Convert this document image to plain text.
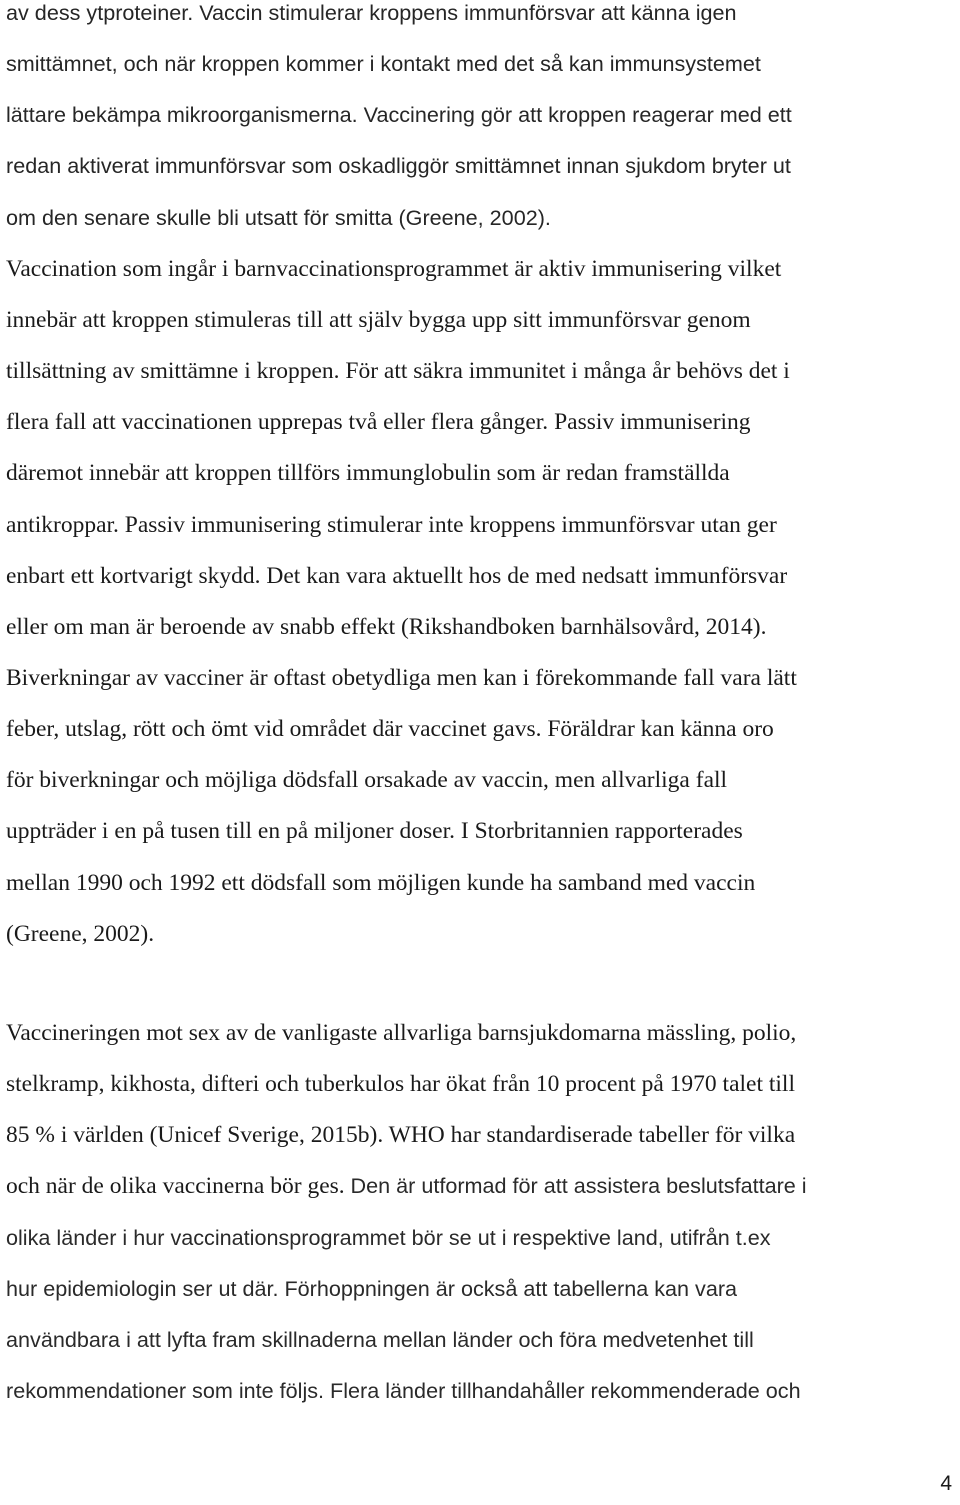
av dess ytproteiner. Vaccin stimulerar kroppens immunförsvar att känna igen
smittämnet, och när kroppen kommer i kontakt med det så kan immunsystemet
lättare bekämpa mikroorganismerna. Vaccinering gör att kroppen reagerar med ett
redan aktiverat immunförsvar som oskadliggör smittämnet innan sjukdom bryter ut
om den senare skulle bli utsatt för smitta (Greene, 2002).
Vaccination som ingår i barnvaccinationsprogrammet är aktiv immunisering vilket
innebär att kroppen stimuleras till att själv bygga upp sitt immunförsvar genom
tillsättning av smittämne i kroppen. För att säkra immunitet i många år behövs det i
flera fall att vaccinationen upprepas två eller flera gånger. Passiv immunisering
däremot innebär att kroppen tillförs immunglobulin som är redan framställda
antikroppar. Passiv immunisering stimulerar inte kroppens immunförsvar utan ger
enbart ett kortvarigt skydd. Det kan vara aktuellt hos de med nedsatt immunförsvar
eller om man är beroende av snabb effekt (Rikshandboken barnhälsovård, 2014).
Biverkningar av vacciner är oftast obetydliga men kan i förekommande fall vara lätt
feber, utslag, rött och ömt vid området där vaccinet gavs. Föräldrar kan känna oro
för biverkningar och möjliga dödsfall orsakade av vaccin, men allvarliga fall
uppträder i en på tusen till en på miljoner doser. I Storbritannien rapporterades
mellan 1990 och 1992 ett dödsfall som möjligen kunde ha samband med vaccin
(Greene, 2002).
Vaccineringen mot sex av de vanligaste allvarliga barnsjukdomarna mässling, polio,
stelkramp, kikhosta, difteri och tuberkulos har ökat från 10 procent på 1970 talet till
85 % i världen (Unicef Sverige, 2015b). WHO har standardiserade tabeller för vilka
och när de olika vaccinerna bör ges. Den är utformad för att assistera beslutsfattare i
olika länder i hur vaccinationsprogrammet bör se ut i respektive land, utifrån t.ex
hur epidemiologin ser ut där. Förhoppningen är också att tabellerna kan vara
användbara i att lyfta fram skillnaderna mellan länder och föra medvetenhet till
rekommendationer som inte följs. Flera länder tillhandahåller rekommenderade och
4
